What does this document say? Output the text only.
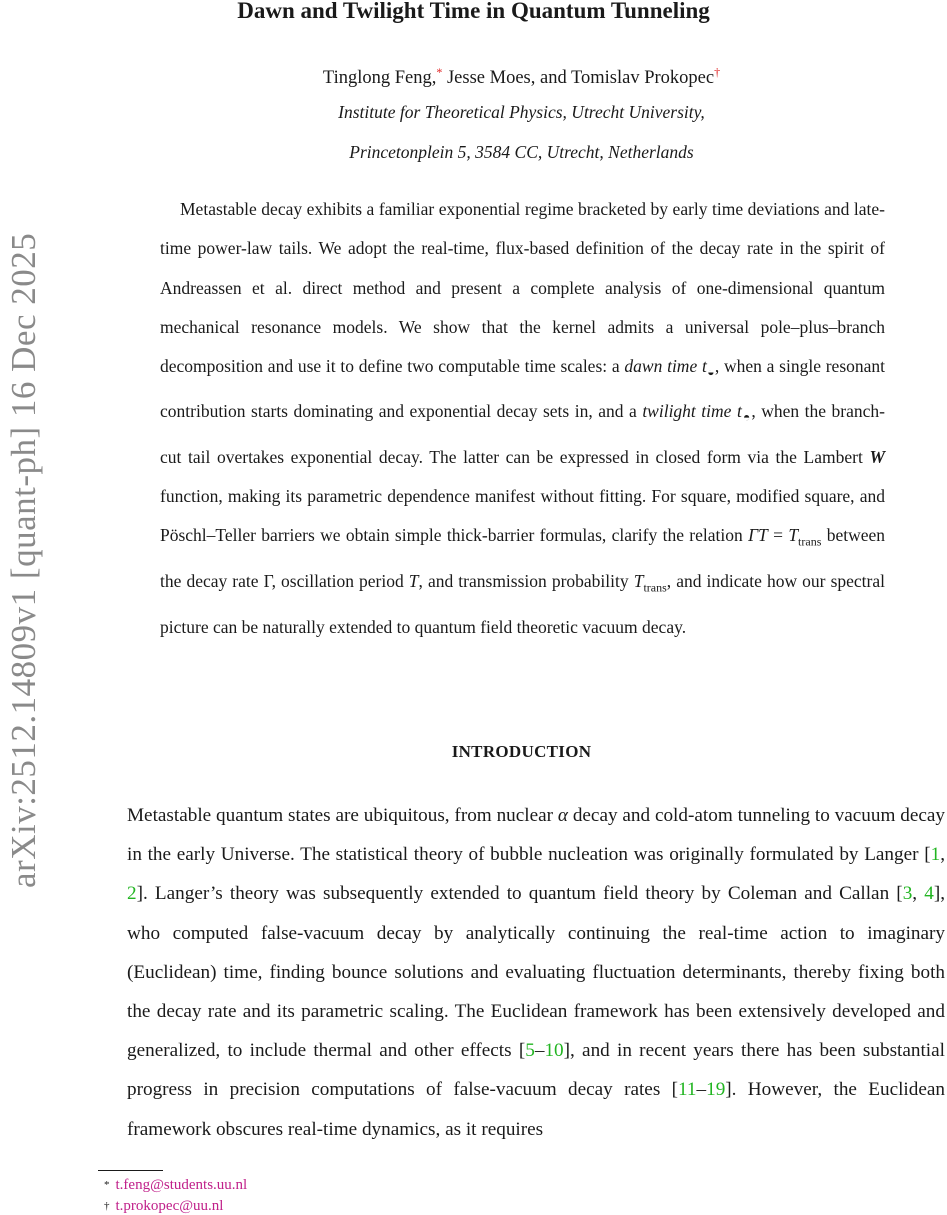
arXiv:2512.14809v1 [quant-ph] 16 Dec 2025
Dawn and Twilight Time in Quantum Tunneling
Tinglong Feng,* Jesse Moes, and Tomislav Prokopec†
Institute for Theoretical Physics, Utrecht University,
Princetonplein 5, 3584 CC, Utrecht, Netherlands
Metastable decay exhibits a familiar exponential regime bracketed by early time deviations and late-time power-law tails. We adopt the real-time, flux-based definition of the decay rate in the spirit of Andreassen et al. direct method and present a complete analysis of one-dimensional quantum mechanical resonance models. We show that the kernel admits a universal pole–plus–branch decomposition and use it to define two computable time scales: a dawn time $t_◒$, when a single resonant contribution starts dominating and exponential decay sets in, and a twilight time $t_◓$, when the branch-cut tail overtakes exponential decay. The latter can be expressed in closed form via the Lambert W function, making its parametric dependence manifest without fitting. For square, modified square, and Pöschl–Teller barriers we obtain simple thick-barrier formulas, clarify the relation $\Gamma T = T_{trans}$ between the decay rate Γ, oscillation period T, and transmission probability $T_{trans}$, and indicate how our spectral picture can be naturally extended to quantum field theoretic vacuum decay.
INTRODUCTION
Metastable quantum states are ubiquitous, from nuclear α decay and cold-atom tunneling to vacuum decay in the early Universe. The statistical theory of bubble nucleation was originally formulated by Langer [1, 2]. Langer’s theory was subsequently extended to quantum field theory by Coleman and Callan [3, 4], who computed false-vacuum decay by analytically continuing the real-time action to imaginary (Euclidean) time, finding bounce solutions and evaluating fluctuation determinants, thereby fixing both the decay rate and its parametric scaling. The Euclidean framework has been extensively developed and generalized, to include thermal and other effects [5–10], and in recent years there has been substantial progress in precision computations of false-vacuum decay rates [11–19]. However, the Euclidean framework obscures real-time dynamics, as it requires
* t.feng@students.uu.nl
† t.prokopec@uu.nl
